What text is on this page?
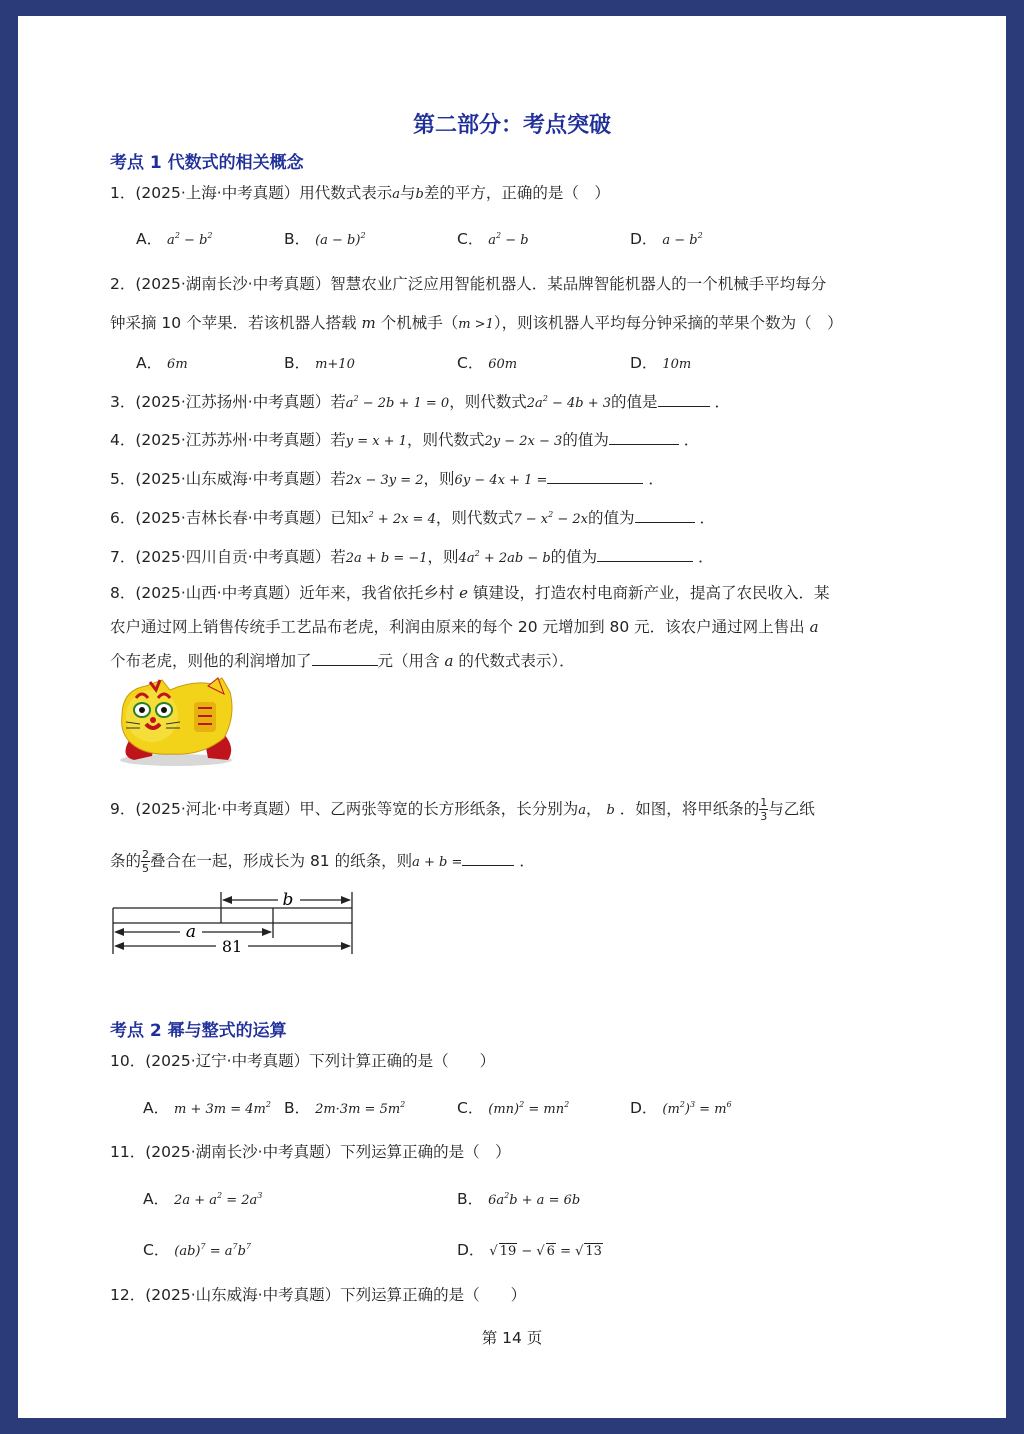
第二部分：考点突破
考点 1 代数式的相关概念
1．(2025·上海·中考真题）用代数式表示a与b差的平方，正确的是（　）
A． $a^2 - b^2$	B． $(a - b)^2$	C． $a^2 - b$	D． $a - b^2$
2．(2025·湖南长沙·中考真题）智慧农业广泛应用智能机器人．某品牌智能机器人的一个机械手平均每分
钟采摘 10 个苹果．若该机器人搭载 m 个机械手（m >1），则该机器人平均每分钟采摘的苹果个数为（　）
A． 6m	B． m+10	C． 60m	D． 10m
3．(2025·江苏扬州·中考真题）若$a^2 - 2b + 1 = 0$，则代数式$2a^2 - 4b + 3$的值是	．
4．(2025·江苏苏州·中考真题）若y = x + 1，则代数式2y − 2x − 3的值为	．
5．(2025·山东威海·中考真题）若2x − 3y = 2，则6y − 4x + 1 =	．
6．(2025·吉林长春·中考真题）已知$x^2 + 2x = 4$，则代数式$7 - x^2 - 2x$的值为	．
7．(2025·四川自贡·中考真题）若2a + b = −1，则$4a^2 + 2ab - b$的值为	．
8．(2025·山西·中考真题）近年来，我省依托乡村 e 镇建设，打造农村电商新产业，提高了农民收入．某
农户通过网上销售传统手工艺品布老虎，利润由原来的每个 20 元增加到 80 元．该农户通过网上售出 a
个布老虎，则他的利润增加了	元（用含 a 的代数式表示）．
9．(2025·河北·中考真题）甲、乙两张等宽的长方形纸条，长分别为a， b ．如图，将甲纸条的 $\frac{1}{3}$ 与乙纸
条的 $\frac{2}{5}$ 叠合在一起，形成长为 81 的纸条，则a + b =	．
b
a
81
考点 2 幂与整式的运算
10．(2025·辽宁·中考真题）下列计算正确的是（　　）
A． $m + 3m = 4m^2$ B． $2m\cdot 3m = 5m^2$	C． $(mn)^2 = mn^2$	D． $(m^2)^3 = m^6$
11．(2025·湖南长沙·中考真题）下列运算正确的是（　）
A． $2a + a^2 = 2a^3$	B． $6a^2b + a = 6b$
C． $(ab)^7 = a^7b^7$	D． √ 19 − √ 6 = √ 13
12．(2025·山东威海·中考真题）下列运算正确的是（　　）
第 14 页
